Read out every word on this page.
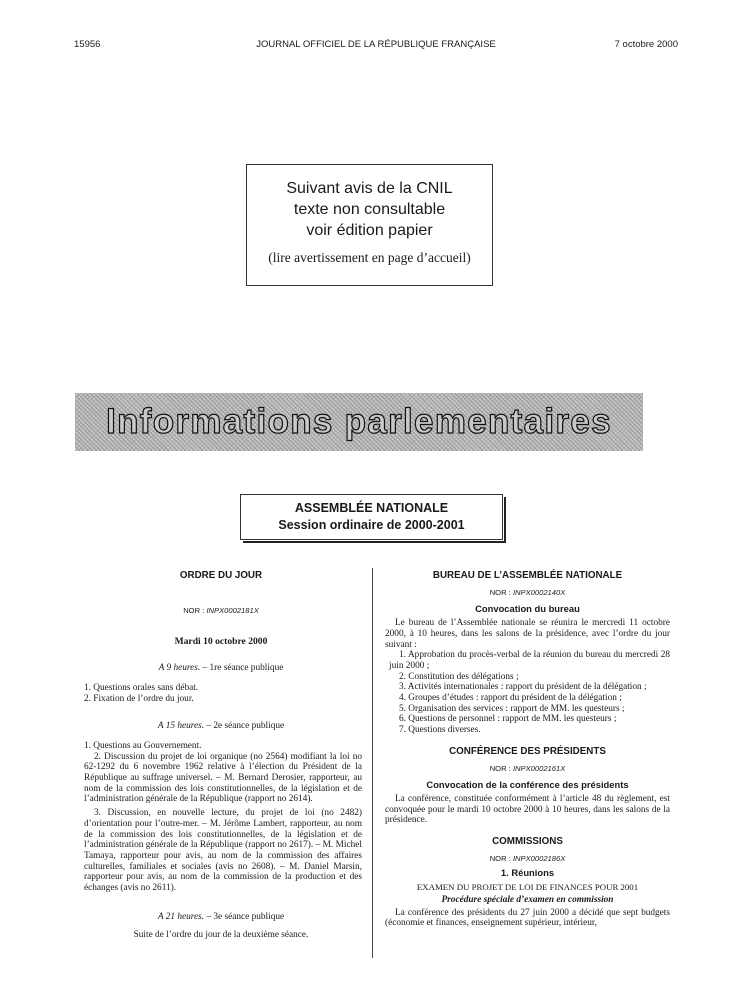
15956	JOURNAL OFFICIEL DE LA RÉPUBLIQUE FRANÇAISE	7 octobre 2000
Suivant avis de la CNIL
texte non consultable
voir édition papier
(lire avertissement en page d’accueil)
Informations parlementaires
ASSEMBLÉE NATIONALE
Session ordinaire de 2000-2001
ORDRE DU JOUR
NOR : INPX0002181X
Mardi 10 octobre 2000
A 9 heures. – 1re séance publique
1. Questions orales sans débat.
2. Fixation de l’ordre du jour.
A 15 heures. – 2e séance publique
1. Questions au Gouvernement.
2. Discussion du projet de loi organique (no 2564) modifiant la loi no 62-1292 du 6 novembre 1962 relative à l’élection du Président de la République au suffrage universel. – M. Bernard Derosier, rapporteur, au nom de la commission des lois constitutionnelles, de la législation et de l’administration générale de la République (rapport no 2614).
3. Discussion, en nouvelle lecture, du projet de loi (no 2482) d’orientation pour l’outre-mer. – M. Jérôme Lambert, rapporteur, au nom de la commission des lois constitutionnelles, de la législation et de l’administration générale de la République (rapport no 2617). – M. Michel Tamaya, rapporteur pour avis, au nom de la commission des affaires culturelles, familiales et sociales (avis no 2608). – M. Daniel Marsin, rapporteur pour avis, au nom de la commission de la production et des échanges (avis no 2611).
A 21 heures. – 3e séance publique
Suite de l’ordre du jour de la deuxième séance.
BUREAU DE L’ASSEMBLÉE NATIONALE
NOR : INPX0002140X
Convocation du bureau
Le bureau de l’Assemblée nationale se réunira le mercredi 11 octobre 2000, à 10 heures, dans les salons de la présidence, avec l’ordre du jour suivant :
1. Approbation du procès-verbal de la réunion du bureau du mercredi 28 juin 2000 ;
2. Constitution des délégations ;
3. Activités internationales : rapport du président de la délégation ;
4. Groupes d’études : rapport du président de la délégation ;
5. Organisation des services : rapport de MM. les questeurs ;
6. Questions de personnel : rapport de MM. les questeurs ;
7. Questions diverses.
CONFÉRENCE DES PRÉSIDENTS
NOR : INPX0002161X
Convocation de la conférence des présidents
La conférence, constituée conformément à l’article 48 du règlement, est convoquée pour le mardi 10 octobre 2000 à 10 heures, dans les salons de la présidence.
COMMISSIONS
NOR : INPX0002186X
1. Réunions
EXAMEN DU PROJET DE LOI DE FINANCES POUR 2001
Procédure spéciale d’examen en commission
La conférence des présidents du 27 juin 2000 a décidé que sept budgets (économie et finances, enseignement supérieur, intérieur,
